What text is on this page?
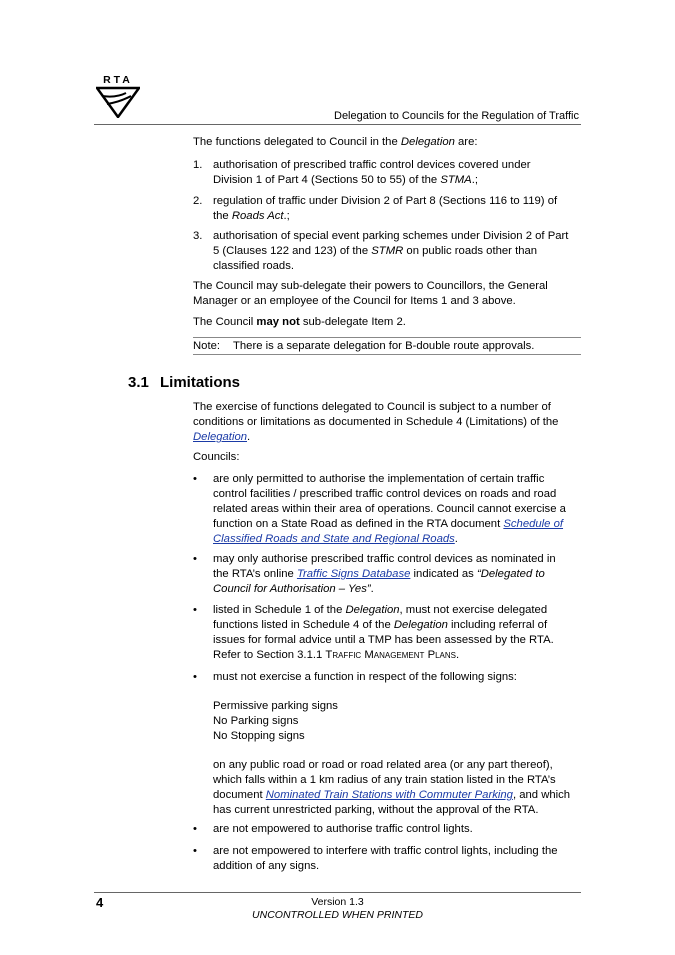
RTA
Delegation to Councils for the Regulation of Traffic

The functions delegated to Council in the Delegation are:

1. authorisation of prescribed traffic control devices covered under

Division 1 of Part 4 (Sections 50 to 55) of the STMA.;

2. regulation of traffic under Division 2 of Part 8 (Sections 116 to 119) of

the Roads Act.;

3. authorisation of special event parking schemes under Division 2 of Part

5 (Clauses 122 and 123) of the STMR on public roads other than

classified roads.

The Council may sub-delegate their powers to Councillors, the General

Manager or an employee of the Council for Items 1 and 3 above.

The Council may not sub-delegate Item 2.

Note: There is a separate delegation for B-double route approvals.
3.1 Limitations

The exercise of functions delegated to Council is subject to a number of

conditions or limitations as documented in Schedule 4 (Limitations) of the

Delegation.

Councils:

• are only permitted to authorise the implementation of certain traffic

control facilities / prescribed traffic control devices on roads and road

related areas within their area of operations. Council cannot exercise a

function on a State Road as defined in the RTA document Schedule of

Classified Roads and State and Regional Roads.

• may only authorise prescribed traffic control devices as nominated in

the RTA’s online Traffic Signs Database indicated as “Delegated to

Council for Authorisation – Yes”.

• listed in Schedule 1 of the Delegation, must not exercise delegated

functions listed in Schedule 4 of the Delegation including referral of

issues for formal advice until a TMP has been assessed by the RTA.

Refer to Section 3.1.1 Traffic Management Plans.

• must not exercise a function in respect of the following signs:

Permissive parking signs

No Parking signs

No Stopping signs

on any public road or road or road related area (or any part thereof),

which falls within a 1 km radius of any train station listed in the RTA’s

document Nominated Train Stations with Commuter Parking, and which

has current unrestricted parking, without the approval of the RTA.

• are not empowered to authorise traffic control lights.

• are not empowered to interfere with traffic control lights, including the

addition of any signs.

4	Version 1.3
UNCONTROLLED WHEN PRINTED
